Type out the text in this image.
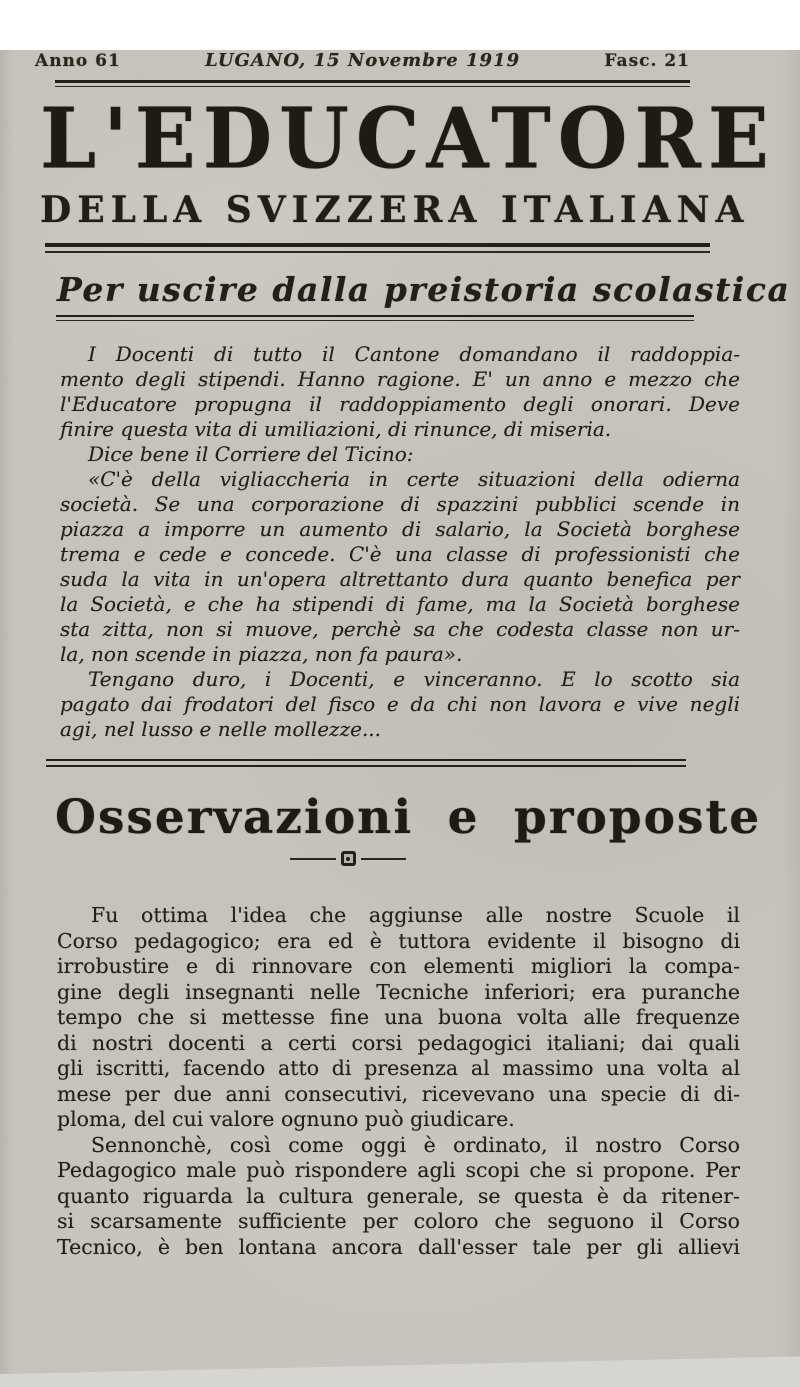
Anno 61	LUGANO, 15 Novembre 1919	Fasc. 21
L'EDUCATORE
DELLA SVIZZERA ITALIANA
Per uscire dalla preistoria scolastica
I Docenti di tutto il Cantone domandano il raddoppia-
mento degli stipendi. Hanno ragione. E' un anno e mezzo che
l'Educatore propugna il raddoppiamento degli onorari. Deve
finire questa vita di umiliazioni, di rinunce, di miseria.
Dice bene il Corriere del Ticino:
«C'è della vigliaccheria in certe situazioni della odierna
società. Se una corporazione di spazzini pubblici scende in
piazza a imporre un aumento di salario, la Società borghese
trema e cede e concede. C'è una classe di professionisti che
suda la vita in un'opera altrettanto dura quanto benefica per
la Società, e che ha stipendi di fame, ma la Società borghese
sta zitta, non si muove, perchè sa che codesta classe non ur-
la, non scende in piazza, non fa paura».
Tengano duro, i Docenti, e vinceranno. E lo scotto sia
pagato dai frodatori del fisco e da chi non lavora e vive negli
agi, nel lusso e nelle mollezze...
Osservazioni e proposte
Fu ottima l'idea che aggiunse alle nostre Scuole il
Corso pedagogico; era ed è tuttora evidente il bisogno di
irrobustire e di rinnovare con elementi migliori la compa-
gine degli insegnanti nelle Tecniche inferiori; era puranche
tempo che si mettesse fine una buona volta alle frequenze
di nostri docenti a certi corsi pedagogici italiani; dai quali
gli iscritti, facendo atto di presenza al massimo una volta al
mese per due anni consecutivi, ricevevano una specie di di-
ploma, del cui valore ognuno può giudicare.
Sennonchè, così come oggi è ordinato, il nostro Corso
Pedagogico male può rispondere agli scopi che si propone. Per
quanto riguarda la cultura generale, se questa è da ritener-
si scarsamente sufficiente per coloro che seguono il Corso
Tecnico, è ben lontana ancora dall'esser tale per gli allievi
